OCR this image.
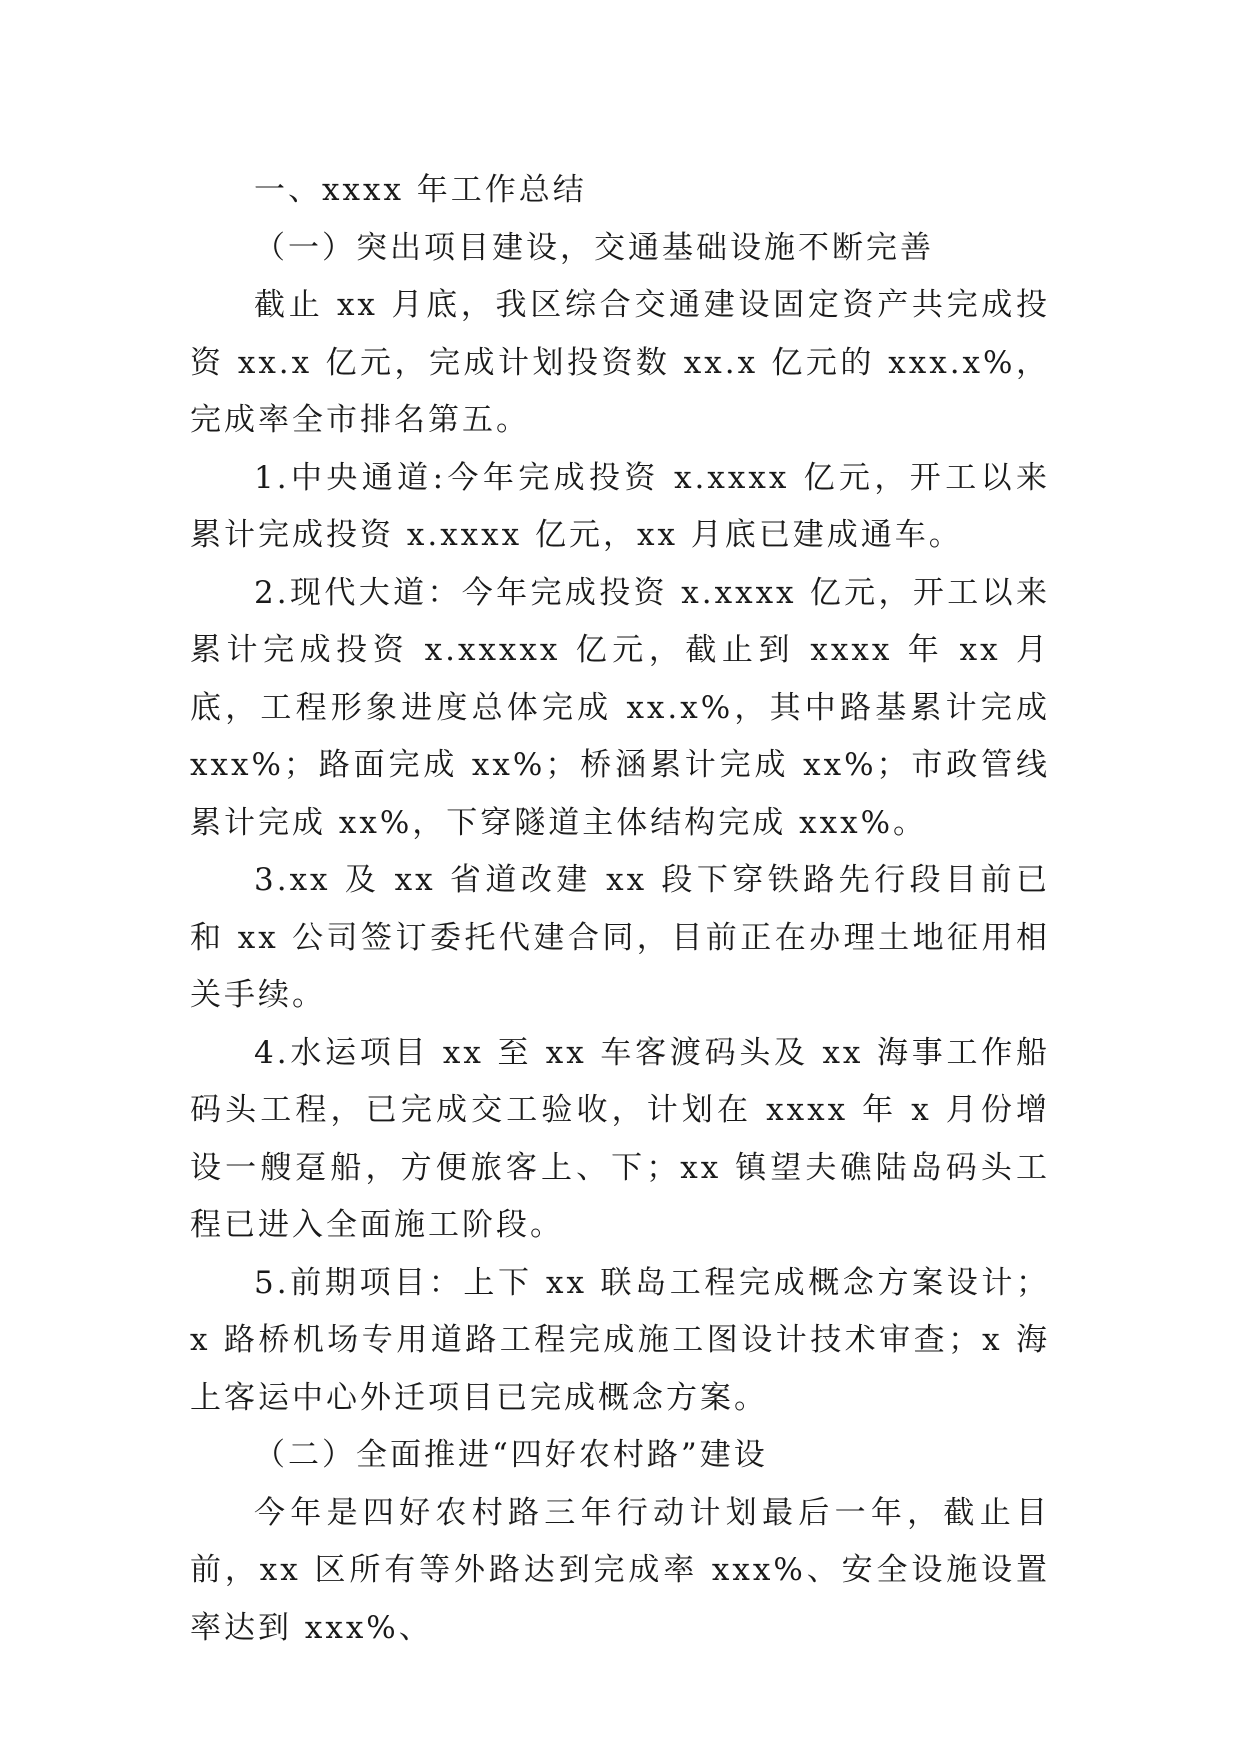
一、xxxx 年工作总结

（一）突出项目建设，交通基础设施不断完善

截止 xx 月底，我区综合交通建设固定资产共完成投资 xx.x 亿元，完成计划投资数 xx.x 亿元的 xxx.x%，完成率全市排名第五。

1.中央通道:今年完成投资 x.xxxx 亿元，开工以来累计完成投资 x.xxxx 亿元，xx 月底已建成通车。

2.现代大道：今年完成投资 x.xxxx 亿元，开工以来累计完成投资 x.xxxxx 亿元，截止到 xxxx 年 xx 月底，工程形象进度总体完成 xx.x%，其中路基累计完成 xxx%；路面完成 xx%；桥涵累计完成 xx%；市政管线累计完成 xx%，下穿隧道主体结构完成 xxx%。

3.xx 及 xx 省道改建 xx 段下穿铁路先行段目前已和 xx 公司签订委托代建合同，目前正在办理土地征用相关手续。

4.水运项目 xx 至 xx 车客渡码头及 xx 海事工作船码头工程，已完成交工验收，计划在 xxxx 年 x 月份增设一艘趸船，方便旅客上、下；xx 镇望夫礁陆岛码头工程已进入全面施工阶段。

5.前期项目：上下 xx 联岛工程完成概念方案设计；x 路桥机场专用道路工程完成施工图设计技术审查；x 海上客运中心外迁项目已完成概念方案。

（二）全面推进“四好农村路”建设

今年是四好农村路三年行动计划最后一年，截止目前，xx 区所有等外路达到完成率 xxx%、安全设施设置率达到 xxx%、
